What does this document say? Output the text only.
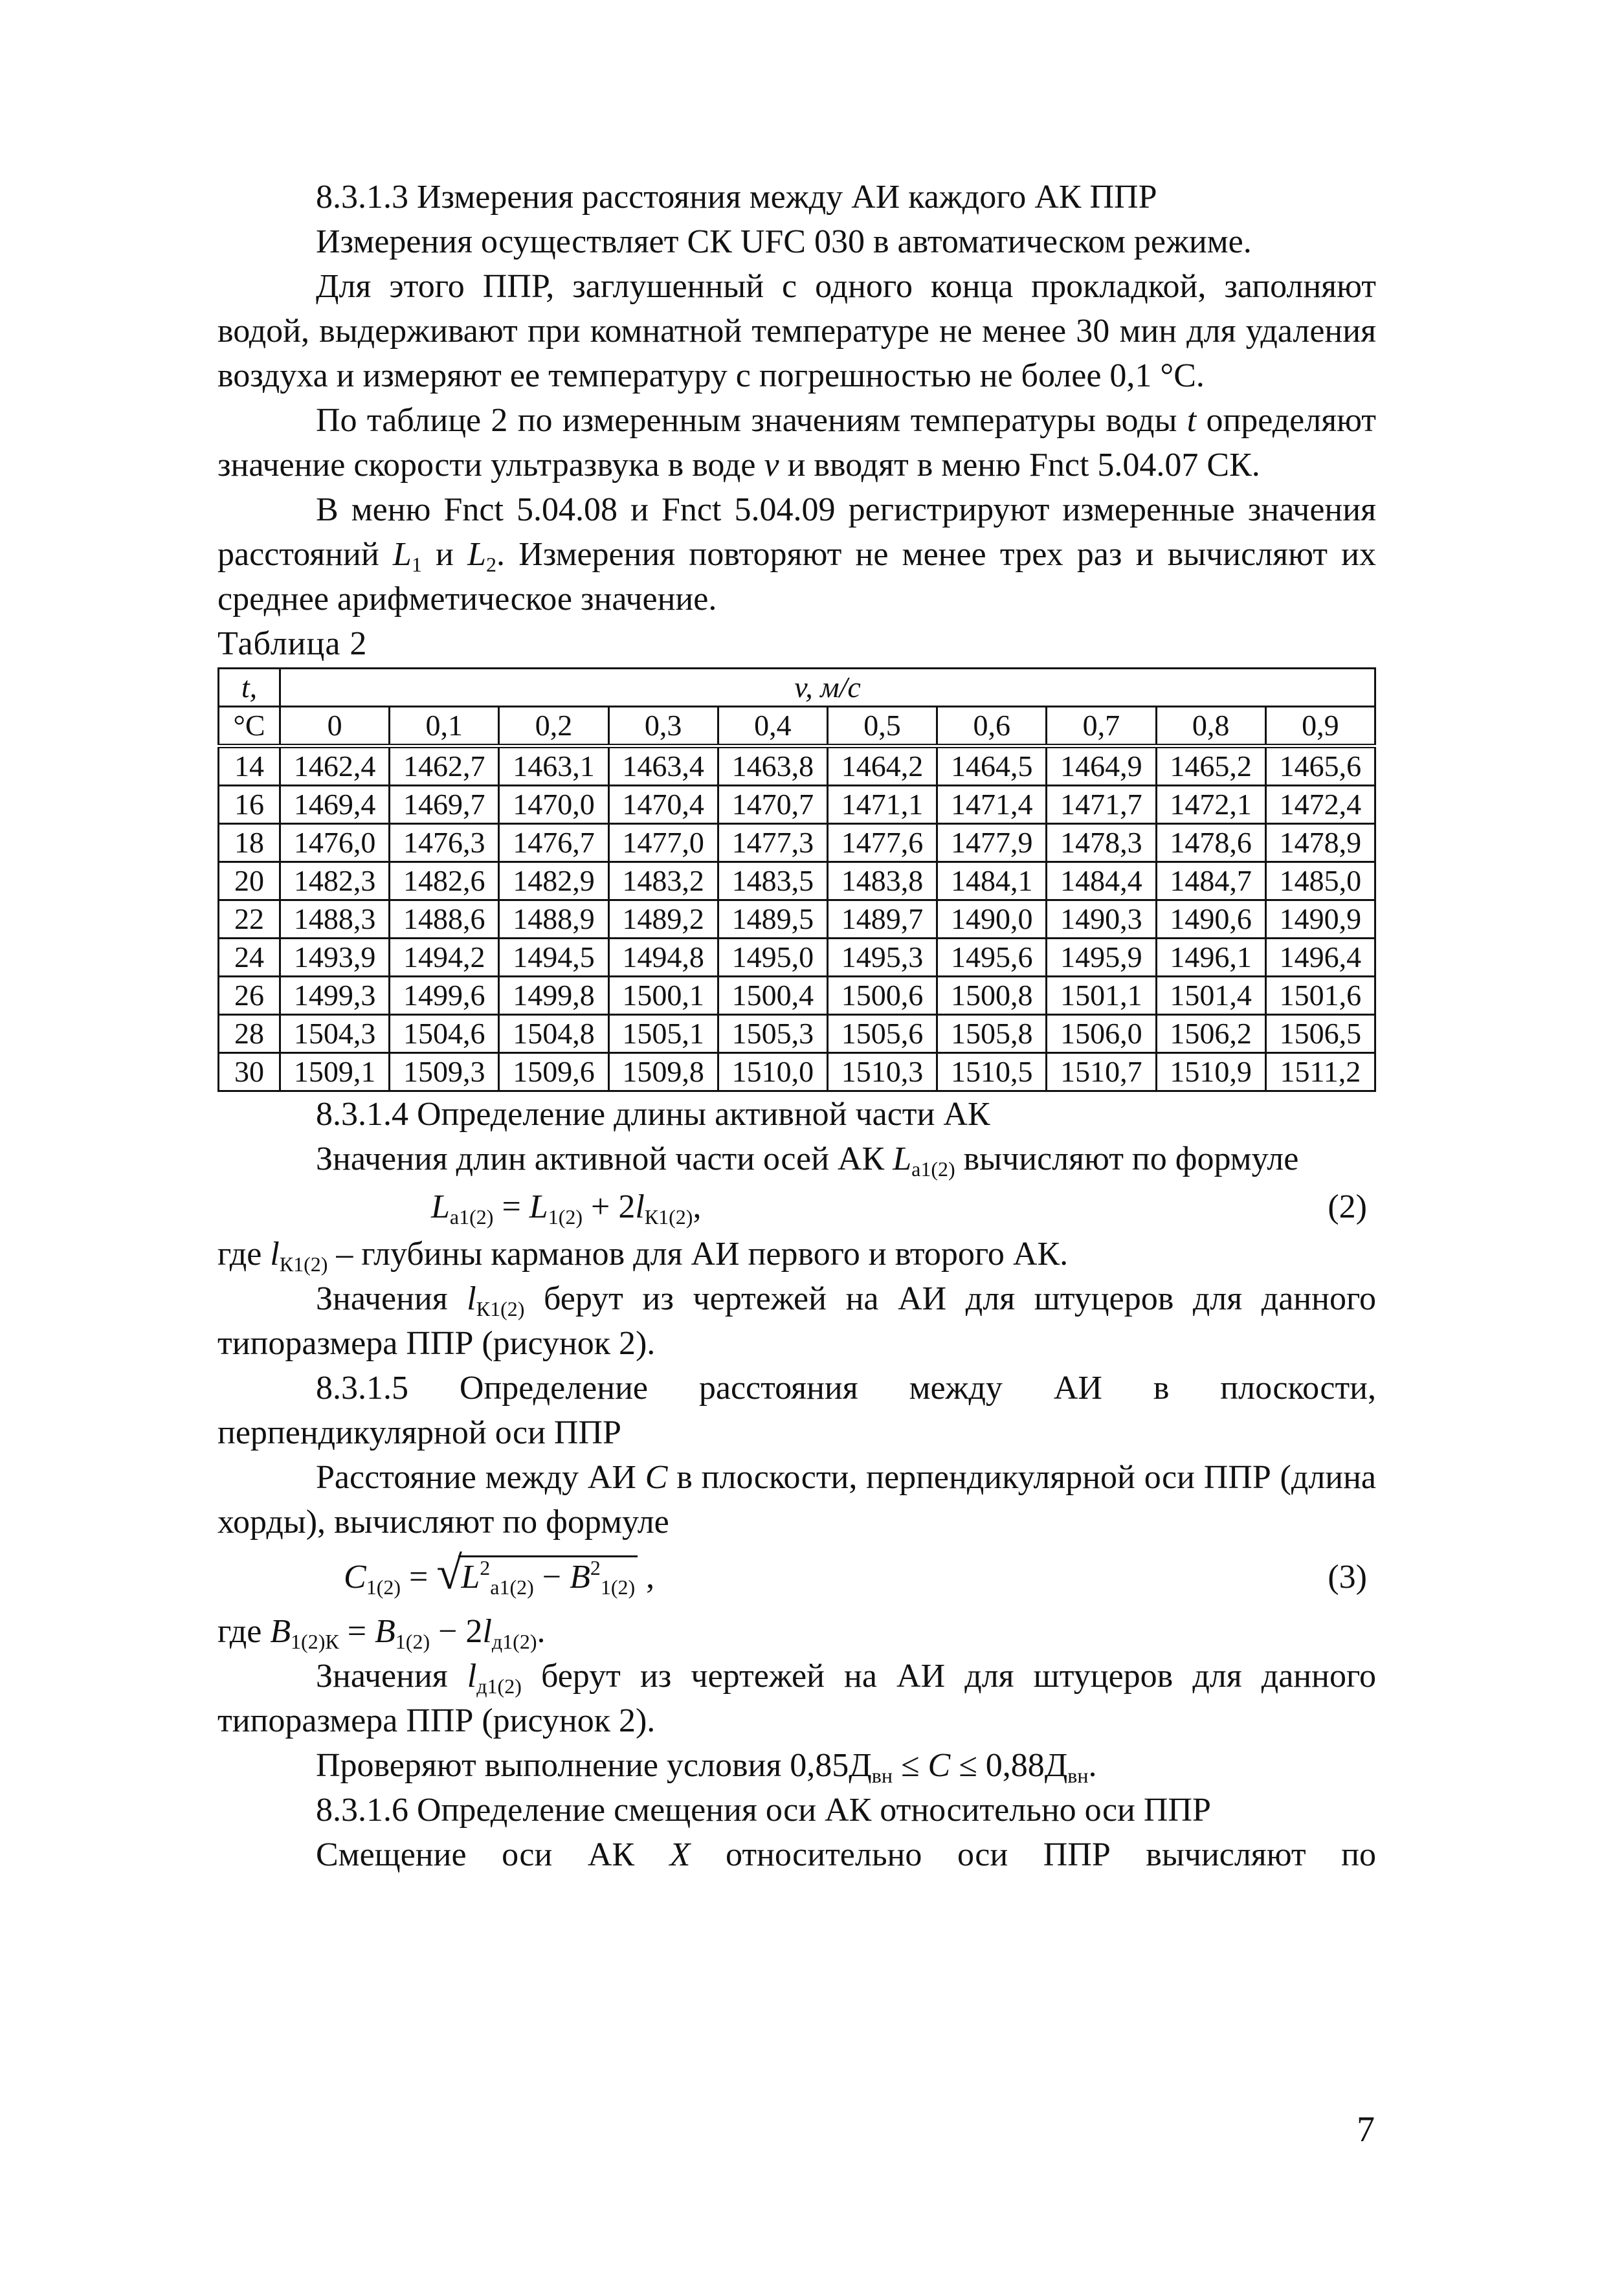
8.3.1.3 Измерения расстояния между АИ каждого АК ППР

Измерения осуществляет СК UFC 030 в автоматическом режиме.

Для этого ППР, заглушенный с одного конца прокладкой, заполняют водой, выдерживают при комнатной температуре не менее 30 мин для удаления воздуха и измеряют ее температуру с погрешностью не более 0,1 °С.

По таблице 2 по измеренным значениям температуры воды t определяют значение скорости ультразвука в воде v и вводят в меню Fnct 5.04.07 СК.

В меню Fnct 5.04.08 и Fnct 5.04.09 регистрируют измеренные значения расстояний $L_1$ и $L_2$. Измерения повторяют не менее трех раз и вычисляют их среднее арифметическое значение.

Таблица 2

t,	v, м/с									
°С	0	0,1	0,2	0,3	0,4	0,5	0,6	0,7	0,8	0,9
14	1462,4	1462,7	1463,1	1463,4	1463,8	1464,2	1464,5	1464,9	1465,2	1465,6
16	1469,4	1469,7	1470,0	1470,4	1470,7	1471,1	1471,4	1471,7	1472,1	1472,4
18	1476,0	1476,3	1476,7	1477,0	1477,3	1477,6	1477,9	1478,3	1478,6	1478,9
20	1482,3	1482,6	1482,9	1483,2	1483,5	1483,8	1484,1	1484,4	1484,7	1485,0
22	1488,3	1488,6	1488,9	1489,2	1489,5	1489,7	1490,0	1490,3	1490,6	1490,9
24	1493,9	1494,2	1494,5	1494,8	1495,0	1495,3	1495,6	1495,9	1496,1	1496,4
26	1499,3	1499,6	1499,8	1500,1	1500,4	1500,6	1500,8	1501,1	1501,4	1501,6
28	1504,3	1504,6	1504,8	1505,1	1505,3	1505,6	1505,8	1506,0	1506,2	1506,5
30	1509,1	1509,3	1509,6	1509,8	1510,0	1510,3	1510,5	1510,7	1510,9	1511,2

8.3.1.4 Определение длины активной части АК

Значения длин активной части осей АК $L_{а1(2)}$ вычисляют по формуле

$L_{а1(2)} = L_{1(2)} + 2l_{К1(2)}$,	(2)

где $l_{К1(2)}$ – глубины карманов для АИ первого и второго АК.

Значения $l_{К1(2)}$ берут из чертежей на АИ для штуцеров для данного типоразмера ППР (рисунок 2).

8.3.1.5 Определение расстояния между АИ в плоскости, перпендикулярной оси ППР

Расстояние между АИ C в плоскости, перпендикулярной оси ППР (длина хорды), вычисляют по формуле

$C_{1(2)}$ = √
$L^2_{а1(2)} - B^2_{1(2)}$ ,	(3)

где $B_{1(2)К} = B_{1(2)} - 2l_{д1(2)}$.

Значения $l_{д1(2)}$ берут из чертежей на АИ для штуцеров для данного типоразмера ППР (рисунок 2).

Проверяют выполнение условия $0,85Д_{вн} \le C \le 0,88Д_{вн}$.

8.3.1.6 Определение смещения оси АК относительно оси ППР

Смещение оси АК X относительно оси ППР вычисляют по

7
